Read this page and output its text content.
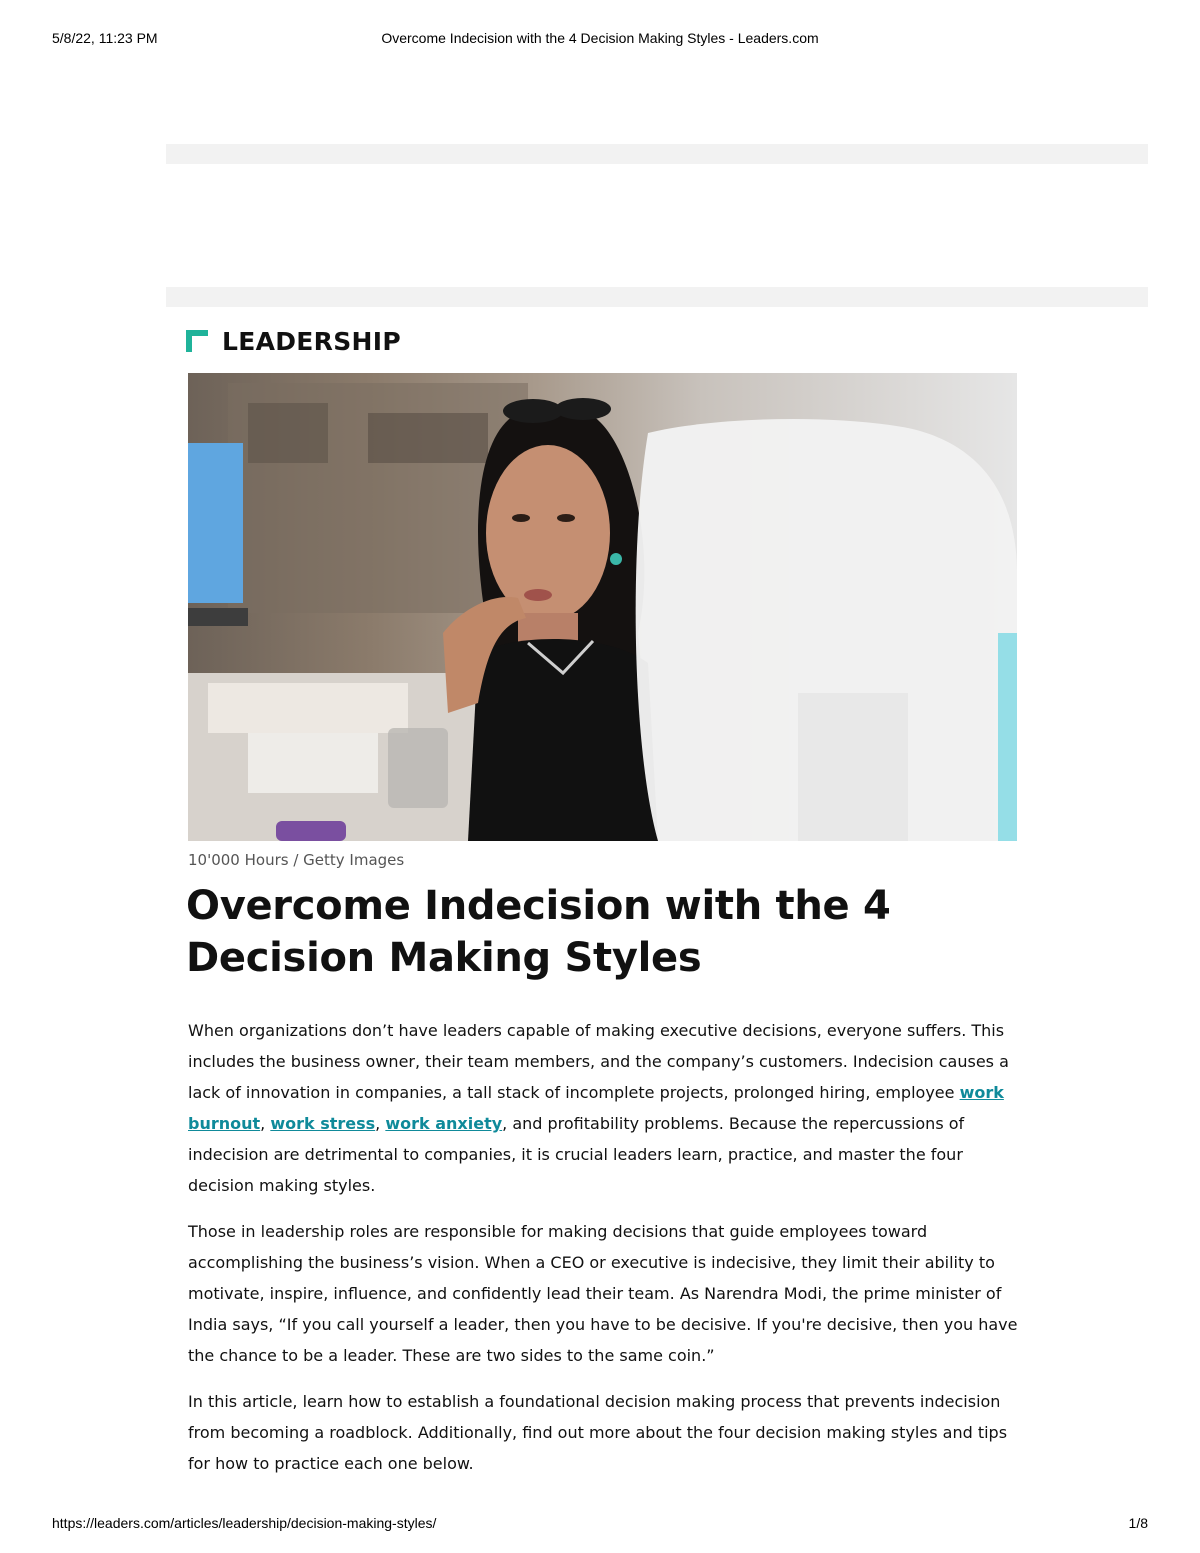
5/8/22, 11:23 PM	Overcome Indecision with the 4 Decision Making Styles - Leaders.com
LEADERSHIP
10'000 Hours / Getty Images
Overcome Indecision with the 4 Decision Making Styles

When organizations don’t have leaders capable of making executive decisions, everyone suffers. This includes the business owner, their team members, and the company’s customers. Indecision causes a lack of innovation in companies, a tall stack of incomplete projects, prolonged hiring, employee work burnout, work stress, work anxiety, and profitability problems. Because the repercussions of indecision are detrimental to companies, it is crucial leaders learn, practice, and master the four decision making styles.

Those in leadership roles are responsible for making decisions that guide employees toward accomplishing the business’s vision. When a CEO or executive is indecisive, they limit their ability to motivate, inspire, influence, and confidently lead their team. As Narendra Modi, the prime minister of India says, “If you call yourself a leader, then you have to be decisive. If you're decisive, then you have the chance to be a leader. These are two sides to the same coin.”

In this article, learn how to establish a foundational decision making process that prevents indecision from becoming a roadblock. Additionally, find out more about the four decision making styles and tips for how to practice each one below.

https://leaders.com/articles/leadership/decision-making-styles/	1/8
